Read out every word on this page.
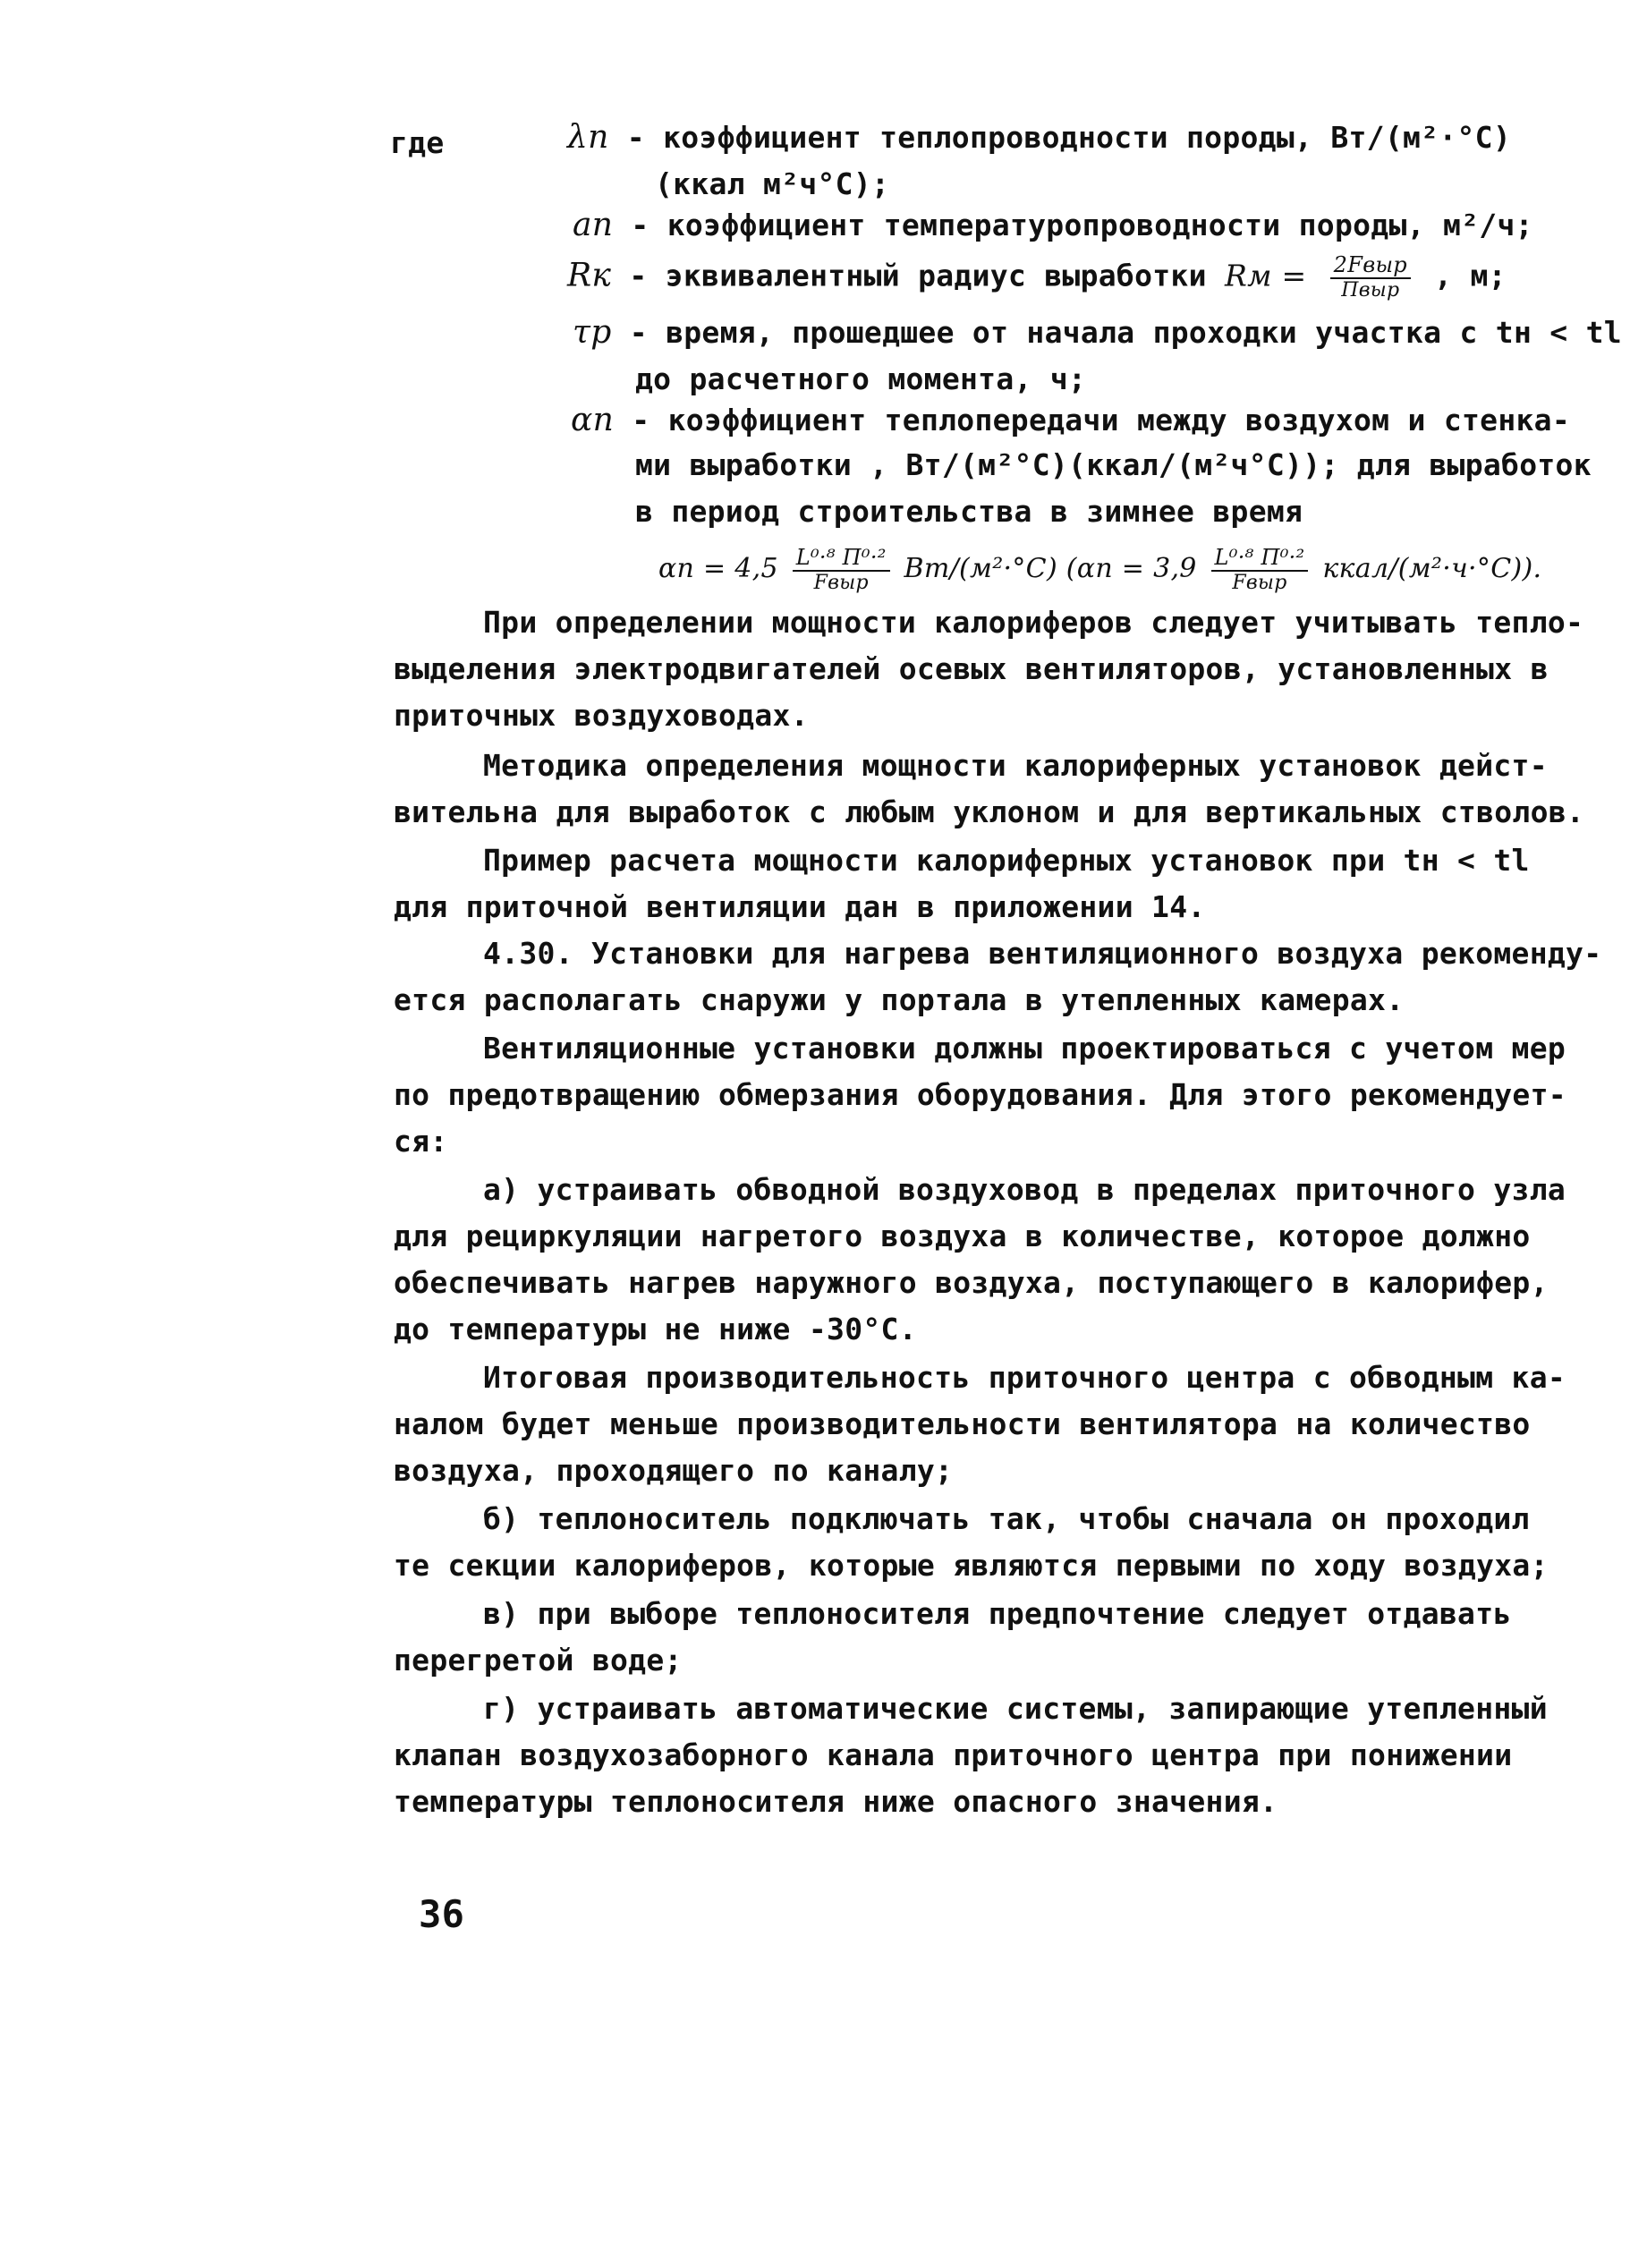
где	λп - коэффициент теплопроводности породы, Вт/(м²·°С)
(ккал м²ч°С);
aп - коэффициент температуропроводности породы, м²/ч;
Rк - эквивалентный радиус выработки Rм = $\frac{\text{2Fвыр}}{\text{Пвыр}}$ , м;
τр - время, прошедшее от начала проходки участка с tн < tl
до расчетного момента, ч;
αп - коэффициент теплопередачи между воздухом и стенка-
ми выработки , Вт/(м²°С)(ккал/(м²ч°С)); для выработок
в период строительства в зимнее время
$\alpha п = 4,5 \frac{\text{L⁰·⁸ П⁰·²}}{\text{Fвыр}} Вт/(м^2\cdot^\circ С) (\alpha п = 3,9 \frac{\text{L⁰·⁸ П⁰·²}}{\text{Fвыр}}$ ккал/(м²·ч·°С)).
При определении мощности калориферов следует учитывать тепло-
выделения электродвигателей осевых вентиляторов, установленных в
приточных воздуховодах.
Методика определения мощности калориферных установок дейст-
вительна для выработок с любым уклоном и для вертикальных стволов.
Пример расчета мощности калориферных установок при tн < tl
для приточной вентиляции дан в приложении 14.
4.30. Установки для нагрева вентиляционного воздуха рекоменду-
ется располагать снаружи у портала в утепленных камерах.
Вентиляционные установки должны проектироваться с учетом мер
по предотвращению обмерзания оборудования. Для этого рекомендует-
ся:
а) устраивать обводной воздуховод в пределах приточного узла
для рециркуляции нагретого воздуха в количестве, которое должно
обеспечивать нагрев наружного воздуха, поступающего в калорифер,
до температуры не ниже -30°С.
Итоговая производительность приточного центра с обводным ка-
налом будет меньше производительности вентилятора на количество
воздуха, проходящего по каналу;
б) теплоноситель подключать так, чтобы сначала он проходил
те секции калориферов, которые являются первыми по ходу воздуха;
в) при выборе теплоносителя предпочтение следует отдавать
перегретой воде;
г) устраивать автоматические системы, запирающие утепленный
клапан воздухозаборного канала приточного центра при понижении
температуры теплоносителя ниже опасного значения.
36
